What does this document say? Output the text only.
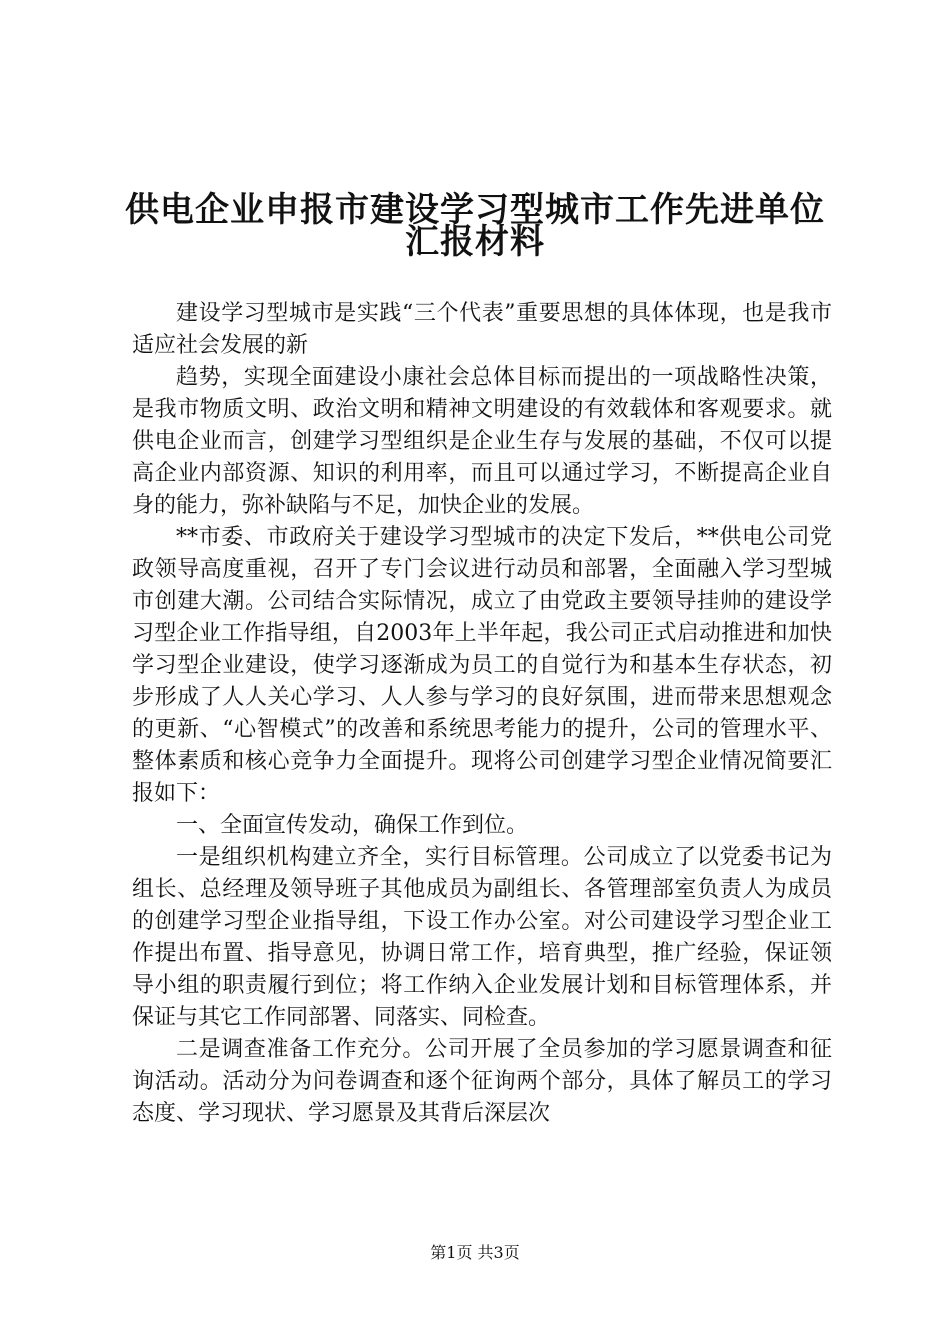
供电企业申报市建设学习型城市工作先进单位
汇报材料

建设学习型城市是实践“三个代表”重要思想的具体体现，也是我市适应社会发展的新

趋势，实现全面建设小康社会总体目标而提出的一项战略性决策，是我市物质文明、政治文明和精神文明建设的有效载体和客观要求。就供电企业而言，创建学习型组织是企业生存与发展的基础，不仅可以提高企业内部资源、知识的利用率，而且可以通过学习，不断提高企业自身的能力，弥补缺陷与不足，加快企业的发展。

**市委、市政府关于建设学习型城市的决定下发后，**供电公司党政领导高度重视，召开了专门会议进行动员和部署，全面融入学习型城市创建大潮。公司结合实际情况，成立了由党政主要领导挂帅的建设学习型企业工作指导组，自2003年上半年起，我公司正式启动推进和加快学习型企业建设，使学习逐渐成为员工的自觉行为和基本生存状态，初步形成了人人关心学习、人人参与学习的良好氛围，进而带来思想观念的更新、“心智模式”的改善和系统思考能力的提升，公司的管理水平、整体素质和核心竞争力全面提升。现将公司创建学习型企业情况简要汇报如下：

一、全面宣传发动，确保工作到位。

一是组织机构建立齐全，实行目标管理。公司成立了以党委书记为组长、总经理及领导班子其他成员为副组长、各管理部室负责人为成员的创建学习型企业指导组，下设工作办公室。对公司建设学习型企业工作提出布置、指导意见，协调日常工作，培育典型，推广经验，保证领导小组的职责履行到位；将工作纳入企业发展计划和目标管理体系，并保证与其它工作同部署、同落实、同检查。

二是调查准备工作充分。公司开展了全员参加的学习愿景调查和征询活动。活动分为问卷调查和逐个征询两个部分，具体了解员工的学习态度、学习现状、学习愿景及其背后深层次

第1页 共3页
